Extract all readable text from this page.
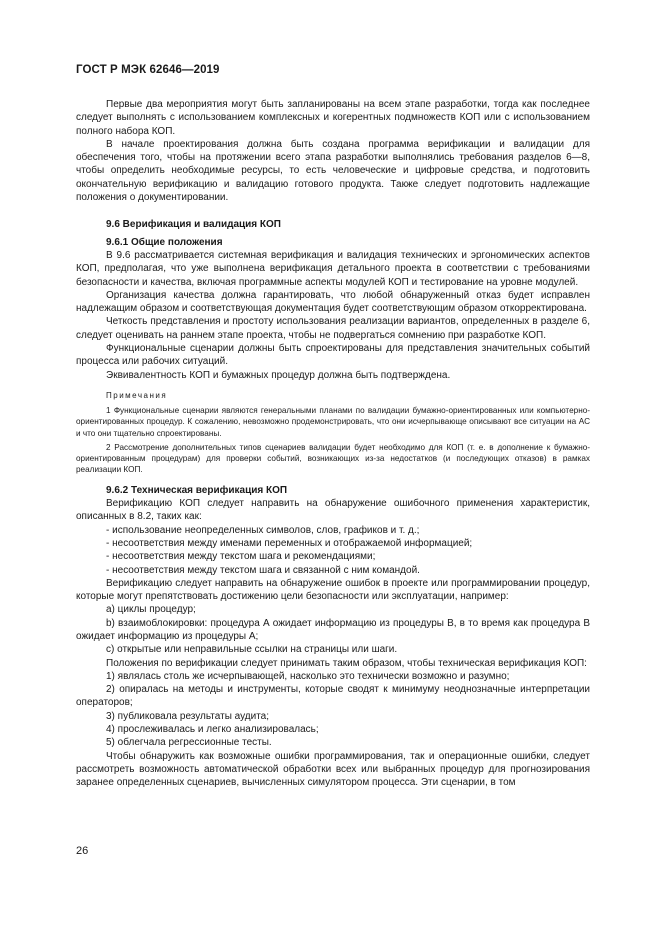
ГОСТ Р МЭК 62646—2019

Первые два мероприятия могут быть запланированы на всем этапе разработки, тогда как последнее следует выполнять с использованием комплексных и когерентных подмножеств КОП или с использованием полного набора КОП.

В начале проектирования должна быть создана программа верификации и валидации для обеспечения того, чтобы на протяжении всего этапа разработки выполнялись требования разделов 6—8, чтобы определить необходимые ресурсы, то есть человеческие и цифровые средства, и подготовить окончательную верификацию и валидацию готового продукта. Также следует подготовить надлежащие положения о документировании.

9.6 Верификация и валидация КОП

9.6.1 Общие положения

В 9.6 рассматривается системная верификация и валидация технических и эргономических аспектов КОП, предполагая, что уже выполнена верификация детального проекта в соответствии с требованиями безопасности и качества, включая программные аспекты модулей КОП и тестирование на уровне модулей.

Организация качества должна гарантировать, что любой обнаруженный отказ будет исправлен надлежащим образом и соответствующая документация будет соответствующим образом откорректирована.

Четкость представления и простоту использования реализации вариантов, определенных в разделе 6, следует оценивать на раннем этапе проекта, чтобы не подвергаться сомнению при разработке КОП.

Функциональные сценарии должны быть спроектированы для представления значительных событий процесса или рабочих ситуаций.

Эквивалентность КОП и бумажных процедур должна быть подтверждена.

Примечания

1 Функциональные сценарии являются генеральными планами по валидации бумажно-ориентированных или компьютерно-ориентированных процедур. К сожалению, невозможно продемонстрировать, что они исчерпывающе описывают все ситуации на АС и что они тщательно спроектированы.

2 Рассмотрение дополнительных типов сценариев валидации будет необходимо для КОП (т. е. в дополнение к бумажно-ориентированным процедурам) для проверки событий, возникающих из-за недостатков (и последующих отказов) в рамках реализации КОП.

9.6.2 Техническая верификация КОП

Верификацию КОП следует направить на обнаружение ошибочного применения характеристик, описанных в 8.2, таких как:

- использование неопределенных символов, слов, графиков и т. д.;

- несоответствия между именами переменных и отображаемой информацией;

- несоответствия между текстом шага и рекомендациями;

- несоответствия между текстом шага и связанной с ним командой.

Верификацию следует направить на обнаружение ошибок в проекте или программировании процедур, которые могут препятствовать достижению цели безопасности или эксплуатации, например:

a) циклы процедур;

b) взаимоблокировки: процедура А ожидает информацию из процедуры В, в то время как процедура В ожидает информацию из процедуры А;

c) открытые или неправильные ссылки на страницы или шаги.

Положения по верификации следует принимать таким образом, чтобы техническая верификация КОП:

1) являлась столь же исчерпывающей, насколько это технически возможно и разумно;

2) опиралась на методы и инструменты, которые сводят к минимуму неоднозначные интерпретации операторов;

3) публиковала результаты аудита;

4) прослеживалась и легко анализировалась;

5) облегчала регрессионные тесты.

Чтобы обнаружить как возможные ошибки программирования, так и операционные ошибки, следует рассмотреть возможность автоматической обработки всех или выбранных процедур для прогнозирования заранее определенных сценариев, вычисленных симулятором процесса. Эти сценарии, в том

26
